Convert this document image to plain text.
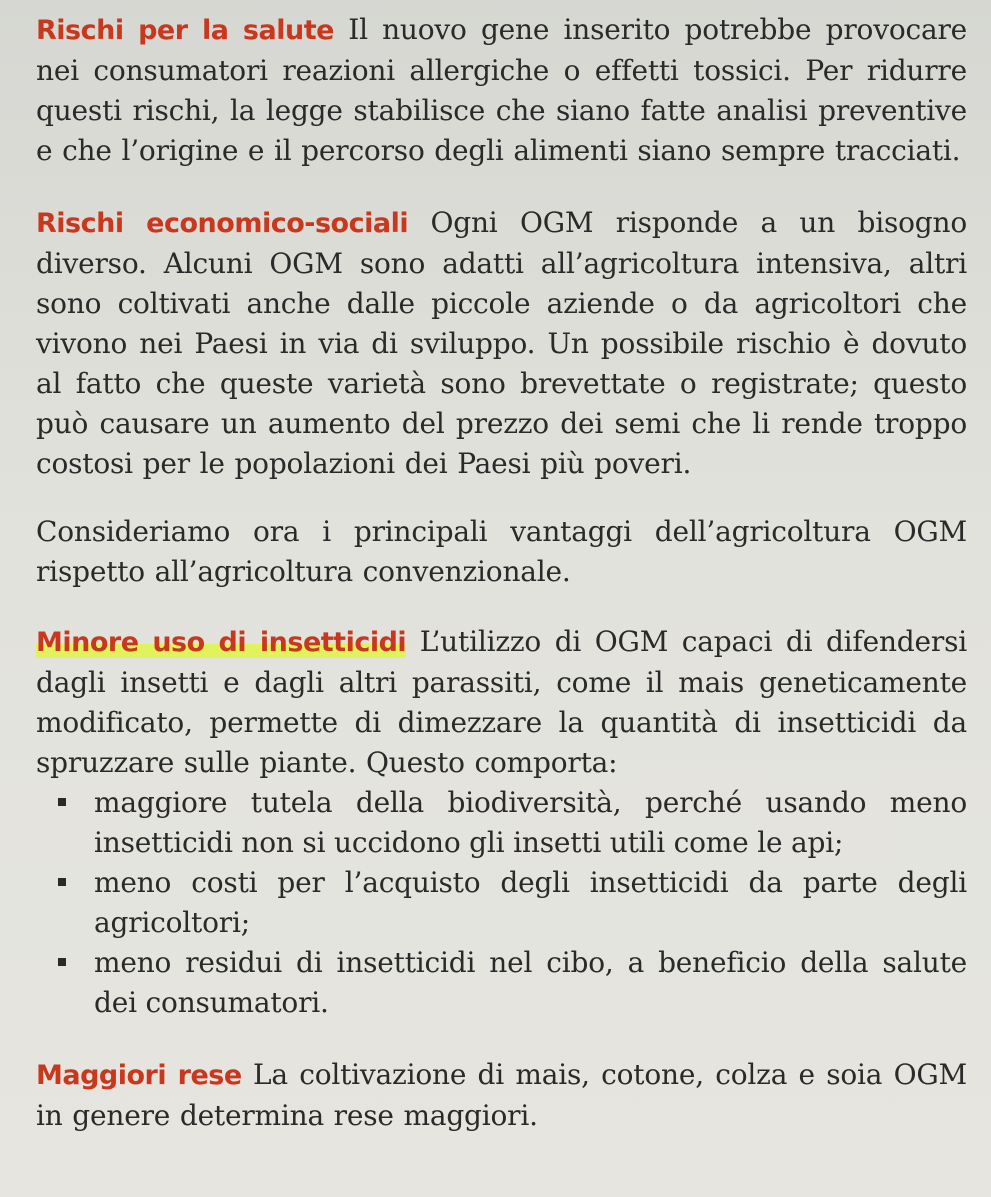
Rischi per la salute Il nuovo gene inserito potrebbe provocare nei consumatori reazioni allergiche o effetti tossici. Per ridurre questi rischi, la legge stabilisce che siano fatte analisi preventive e che l’origine e il percorso degli alimenti siano sempre tracciati.

Rischi economico-sociali Ogni OGM risponde a un bisogno diverso. Alcuni OGM sono adatti all’agricoltura intensiva, altri sono coltivati anche dalle piccole aziende o da agricoltori che vivono nei Paesi in via di sviluppo. Un possibile rischio è dovuto al fatto che queste varietà sono brevettate o registrate; questo può causare un aumento del prezzo dei semi che li rende troppo costosi per le popolazioni dei Paesi più poveri.

Consideriamo ora i principali vantaggi dell’agricoltura OGM rispetto all’agricoltura convenzionale.

Minore uso di insetticidi L’utilizzo di OGM capaci di difendersi dagli insetti e dagli altri parassiti, come il mais geneticamente modificato, permette di dimezzare la quantità di insetticidi da spruzzare sulle piante. Questo comporta:

maggiore tutela della biodiversità, perché usando meno insetticidi non si uccidono gli insetti utili come le api;
meno costi per l’acquisto degli insetticidi da parte degli agricoltori;
meno residui di insetticidi nel cibo, a beneficio della salute dei consumatori.

Maggiori rese La coltivazione di mais, cotone, colza e soia OGM in genere determina rese maggiori.
